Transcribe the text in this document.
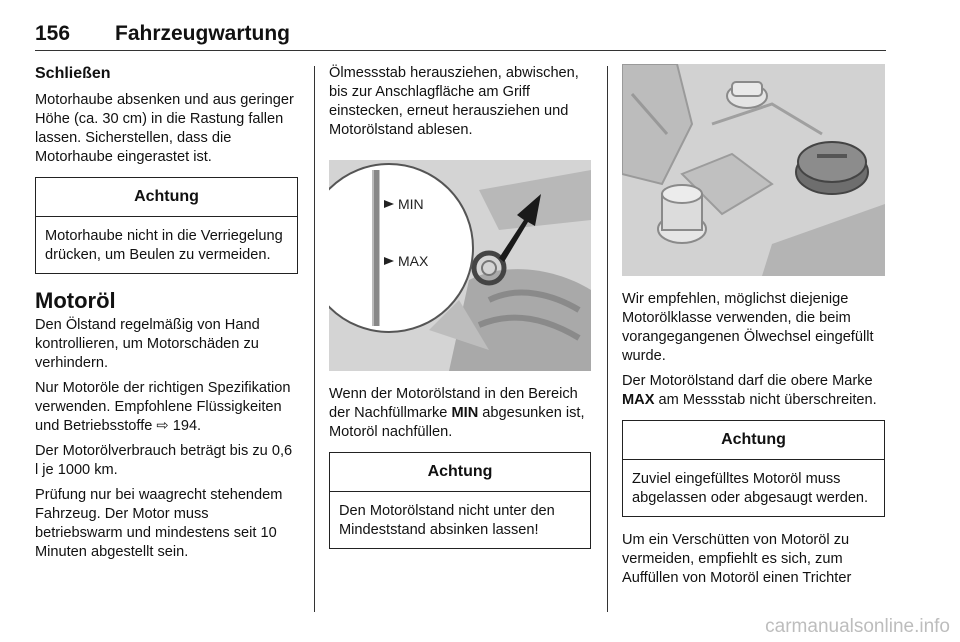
156 Fahrzeugwartung
Schließen

Motorhaube absenken und aus geringer Höhe (ca. 30 cm) in die Rastung fallen lassen. Sicherstellen, dass die Motorhaube eingerastet ist.

Achtung
Motorhaube nicht in die Verriegelung drücken, um Beulen zu vermeiden.
Motoröl

Den Ölstand regelmäßig von Hand kontrollieren, um Motorschäden zu verhindern.

Nur Motoröle der richtigen Spezifikation verwenden. Empfohlene Flüssigkeiten und Betriebsstoffe ⇨ 194.

Der Motorölverbrauch beträgt bis zu 0,6 l je 1000 km.

Prüfung nur bei waagrecht stehendem Fahrzeug. Der Motor muss betriebswarm und mindestens seit 10 Minuten abgestellt sein.

Ölmessstab herausziehen, abwischen, bis zur Anschlagfläche am Griff einstecken, erneut herausziehen und Motorölstand ablesen.

MIN
MAX

Wenn der Motorölstand in den Bereich der Nachfüllmarke MIN abgesunken ist, Motoröl nachfüllen.

Achtung
Den Motorölstand nicht unter den Mindeststand absinken lassen!

Wir empfehlen, möglichst diejenige Motorölklasse verwenden, die beim vorangegangenen Ölwechsel eingefüllt wurde.

Der Motorölstand darf die obere Marke MAX am Messstab nicht überschreiten.

Achtung
Zuviel eingefülltes Motoröl muss abgelassen oder abgesaugt werden.

Um ein Verschütten von Motoröl zu vermeiden, empfiehlt es sich, zum Auffüllen von Motoröl einen Trichter

carmanualsonline.info
